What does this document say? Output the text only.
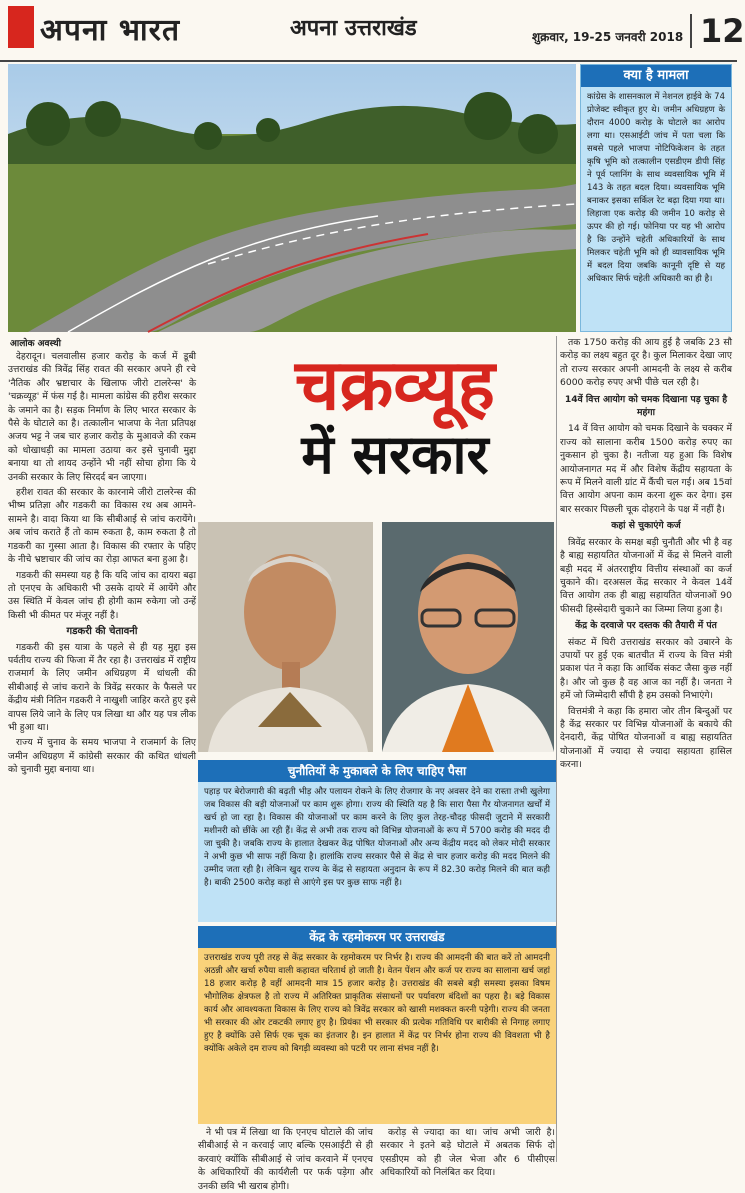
अपना भारत	अपना उत्तराखंड	शुक्रवार, 19-25 जनवरी 2018 12
क्या है मामला
कांग्रेस के शासनकाल में नेशनल हाईवे के 74 प्रोजेक्ट स्वीकृत हुए थे। जमीन अधिग्रहण के दौरान 4000 करोड़ के घोटाले का आरोप लगा था। एसआईटी जांच में पता चला कि सबसे पहले भाजपा नोटिफिकेशन के तहत कृषि भूमि को तत्कालीन एसडीएम डीपी सिंह ने पूर्व प्लानिंग के साथ व्यवसायिक भूमि में 143 के तहत बदल दिया। व्यवसायिक भूमि बनाकर इसका सर्किल रेट बढ़ा दिया गया था। लिहाजा एक करोड़ की जमीन 10 करोड़ से ऊपर की हो गई। फोनिया पर यह भी आरोप है कि उन्होंने चहेती अधिकारियों के साथ मिलकर चहेती भूमि को ही व्यावसायिक भूमि में बदल दिया जबकि कानूनी दृष्टि से यह अधिकार सिर्फ चहेती अधिकारी का ही है।
आलोक अवस्थी

देहरादून। चलवालीस हजार करोड़ के कर्ज में डूबी उत्तराखंड की त्रिवेंद्र सिंह रावत की सरकार अपने ही रचे 'नैतिक और भ्रष्टाचार के खिलाफ जीरो टालरेन्स' के 'चक्रव्यूह' में फंस गई है। मामला कांग्रेस की हरीश सरकार के जमाने का है। सड़क निर्माण के लिए भारत सरकार के पैसे के घोटाले का है। तत्कालीन भाजपा के नेता प्रतिपक्ष अजय भट्ट ने जब चार हजार करोड़ के मुआवजे की रकम को धोखाधड़ी का मामला उठाया कर इसे चुनावी मुद्दा बनाया था तो शायद उन्होंने भी नहीं सोचा होगा कि ये उनकी सरकार के लिए सिरदर्द बन जाएगा।

हरीश रावत की सरकार के कारनामे जीरो टालरेन्स की भीष्म प्रतिज्ञा और गडकरी का विकास रथ अब आमने-सामने है। वादा किया था कि सीबीआई से जांच करायेंगे। अब जांच कराते हैं तो काम रुकता है, काम रुकता है तो गडकरी का गुस्सा आता है। विकास की रफ्तार के पहिए के नीचे भ्रष्टाचार की जांच का रोड़ा आफत बना हुआ है।

गडकरी की समस्या यह है कि यदि जांच का दायरा बढ़ा तो एनएच के अधिकारी भी उसके दायरे में आयेंगे और उस स्थिति में केवल जांच ही होगी काम रुकेगा जो उन्हें किसी भी कीमत पर मंजूर नहीं है।

गडकरी की चेतावनी

गडकरी की इस यात्रा के पहले से ही यह मुद्दा इस पर्वतीय राज्य की फिजा में तैर रहा है। उत्तराखंड में राष्ट्रीय राजमार्ग के लिए जमीन अधिग्रहण में धांधली की सीबीआई से जांच कराने के त्रिवेंद्र सरकार के फैसले पर केंद्रीय मंत्री नितिन गडकरी ने नाखुशी जाहिर करते हुए इसे वापस लिये जाने के लिए पत्र लिखा था और यह पत्र लीक भी हुआ था।

राज्य में चुनाव के समय भाजपा ने राजमार्ग के लिए जमीन अधिग्रहण में कांग्रेसी सरकार की कथित धांधली को चुनावी मुद्दा बनाया था।

चक्रव्यूह
में सरकार
चुनौतियों के मुकाबले के लिए चाहिए पैसा
पहाड़ पर बेरोजगारी की बढ़ती भीड़ और पलायन रोकने के लिए रोजगार के नए अवसर देने का रास्ता तभी खुलेगा जब विकास की बड़ी योजनाओं पर काम शुरू होगा। राज्य की स्थिति यह है कि सारा पैसा गैर योजनागत खर्चों में खर्च हो जा रहा है। विकास की योजनाओं पर काम करने के लिए कुल तेरह-चौदह फीसदी जुटाने में सरकारी मशीनरी को छींके आ रही हैं। केंद्र से अभी तक राज्य को विभिन्न योजनाओं के रूप में 5700 करोड़ की मदद दी जा चुकी है। जबकि राज्य के हालात देखकर केंद्र पोषित योजनाओं और अन्य केंद्रीय मदद को लेकर मोदी सरकार ने अभी कुछ भी साफ नहीं किया है। हालांकि राज्य सरकार पैसे से केंद्र से चार हजार करोड़ की मदद मिलने की उम्मीद जता रही है। लेकिन खुद राज्य के केंद्र से सहायता अनुदान के रूप में 82.30 करोड़ मिलने की बात कही है। बाकी 2500 करोड़ कहां से आएंगे इस पर कुछ साफ नहीं है।
केंद्र के रहमोकरम पर उत्तराखंड
उत्तराखंड राज्य पूरी तरह से केंद्र सरकार के रहमोकरम पर निर्भर है। राज्य की आमदनी की बात करें तो आमदनी अठन्नी और खर्चा रुपैया वाली कहावत चरितार्थ हो जाती है। वेतन पेंशन और कर्ज पर राज्य का सालाना खर्च जहां 18 हजार करोड़ है वहीं आमदनी मात्र 15 हजार करोड़ है। उत्तराखंड की सबसे बड़ी समस्या इसका विषम भौगोलिक क्षेत्रफल है तो राज्य में अतिरिक्त प्राकृतिक संसाधनों पर पर्यावरण बंदिशों का पहरा है। बड़े विकास कार्य और आवश्यकता विकास के लिए राज्य को त्रिवेंद्र सरकार को खासी मशक्कत करनी पड़ेगी। राज्य की जनता भी सरकार की ओर टकटकी लगाए हुए है। प्रियंका भी सरकार की प्रत्येक गतिविधि पर बारीकी से निगाह लगाए हुए है क्योंकि उसे सिर्फ एक चूक का इंतजार है। इन हालात में केंद्र पर निर्भर होना राज्य की विवशता भी है क्योंकि अकेले दम राज्य को बिगड़ी व्यवस्था को पटरी पर लाना संभव नहीं है।

ने भी पत्र में लिखा था कि एनएच घोटाले की जांच सीबीआई से न करवाई जाए बल्कि एसआईटी से ही करवाएं क्योंकि सीबीआई से जांच करवाने में एनएच के अधिकारियों की कार्यशैली पर फर्क पड़ेगा और उनकी छवि भी खराब होगी।

करोड़ से ज्यादा का था। जांच अभी जारी है। सरकार ने इतने बड़े घोटाले में अबतक सिर्फ दो एसडीएम को ही जेल भेजा और 6 पीसीएस अधिकारियों को निलंबित कर दिया।

तक 1750 करोड़ की आय हुई है जबकि 23 सौ करोड़ का लक्ष्य बहुत दूर है। कुल मिलाकर देखा जाए तो राज्य सरकार अपनी आमदनी के लक्ष्य से करीब 6000 करोड़ रुपए अभी पीछे चल रही है।

14वें वित्त आयोग को चमक दिखाना पड़ चुका है महंगा

14 वें वित्त आयोग को चमक दिखाने के चक्कर में राज्य को सालाना करीब 1500 करोड़ रुपए का नुकसान हो चुका है। नतीजा यह हुआ कि विशेष आयोजनागत मद में और विशेष केंद्रीय सहायता के रूप में मिलने वाली ग्रांट में कैंची चल गई। अब 15वां वित्त आयोग अपना काम करना शुरू कर देगा। इस बार सरकार पिछली चूक दोहराने के पक्ष में नहीं है।

कहां से चुकाएंगे कर्ज

त्रिवेंद्र सरकार के समक्ष बड़ी चुनौती और भी है वह है बाह्य सहायतित योजनाओं में केंद्र से मिलने वाली बड़ी मदद में अंतरराष्ट्रीय वित्तीय संस्थाओं का कर्ज चुकाने की। दरअसल केंद्र सरकार ने केवल 14वें वित्त आयोग तक ही बाह्य सहायतित योजनाओं 90 फीसदी हिस्सेदारी चुकाने का जिम्मा लिया हुआ है।

केंद्र के दरवाजे पर दस्तक की तैयारी में पंत

संकट में घिरी उत्तराखंड सरकार को उबारने के उपायों पर हुई एक बातचीत में राज्य के वित्त मंत्री प्रकाश पंत ने कहा कि आर्थिक संकट जैसा कुछ नहीं है। और जो कुछ है वह आज का नहीं है। जनता ने हमें जो जिम्मेदारी सौंपी है हम उसको निभाएंगे।

वित्तमंत्री ने कहा कि हमारा जोर तीन बिन्दुओं पर है केंद्र सरकार पर विभिन्न योजनाओं के बकाये की देनदारी, केंद्र पोषित योजनाओं व बाह्य सहायतित योजनाओं में ज्यादा से ज्यादा सहायता हासिल करना।
